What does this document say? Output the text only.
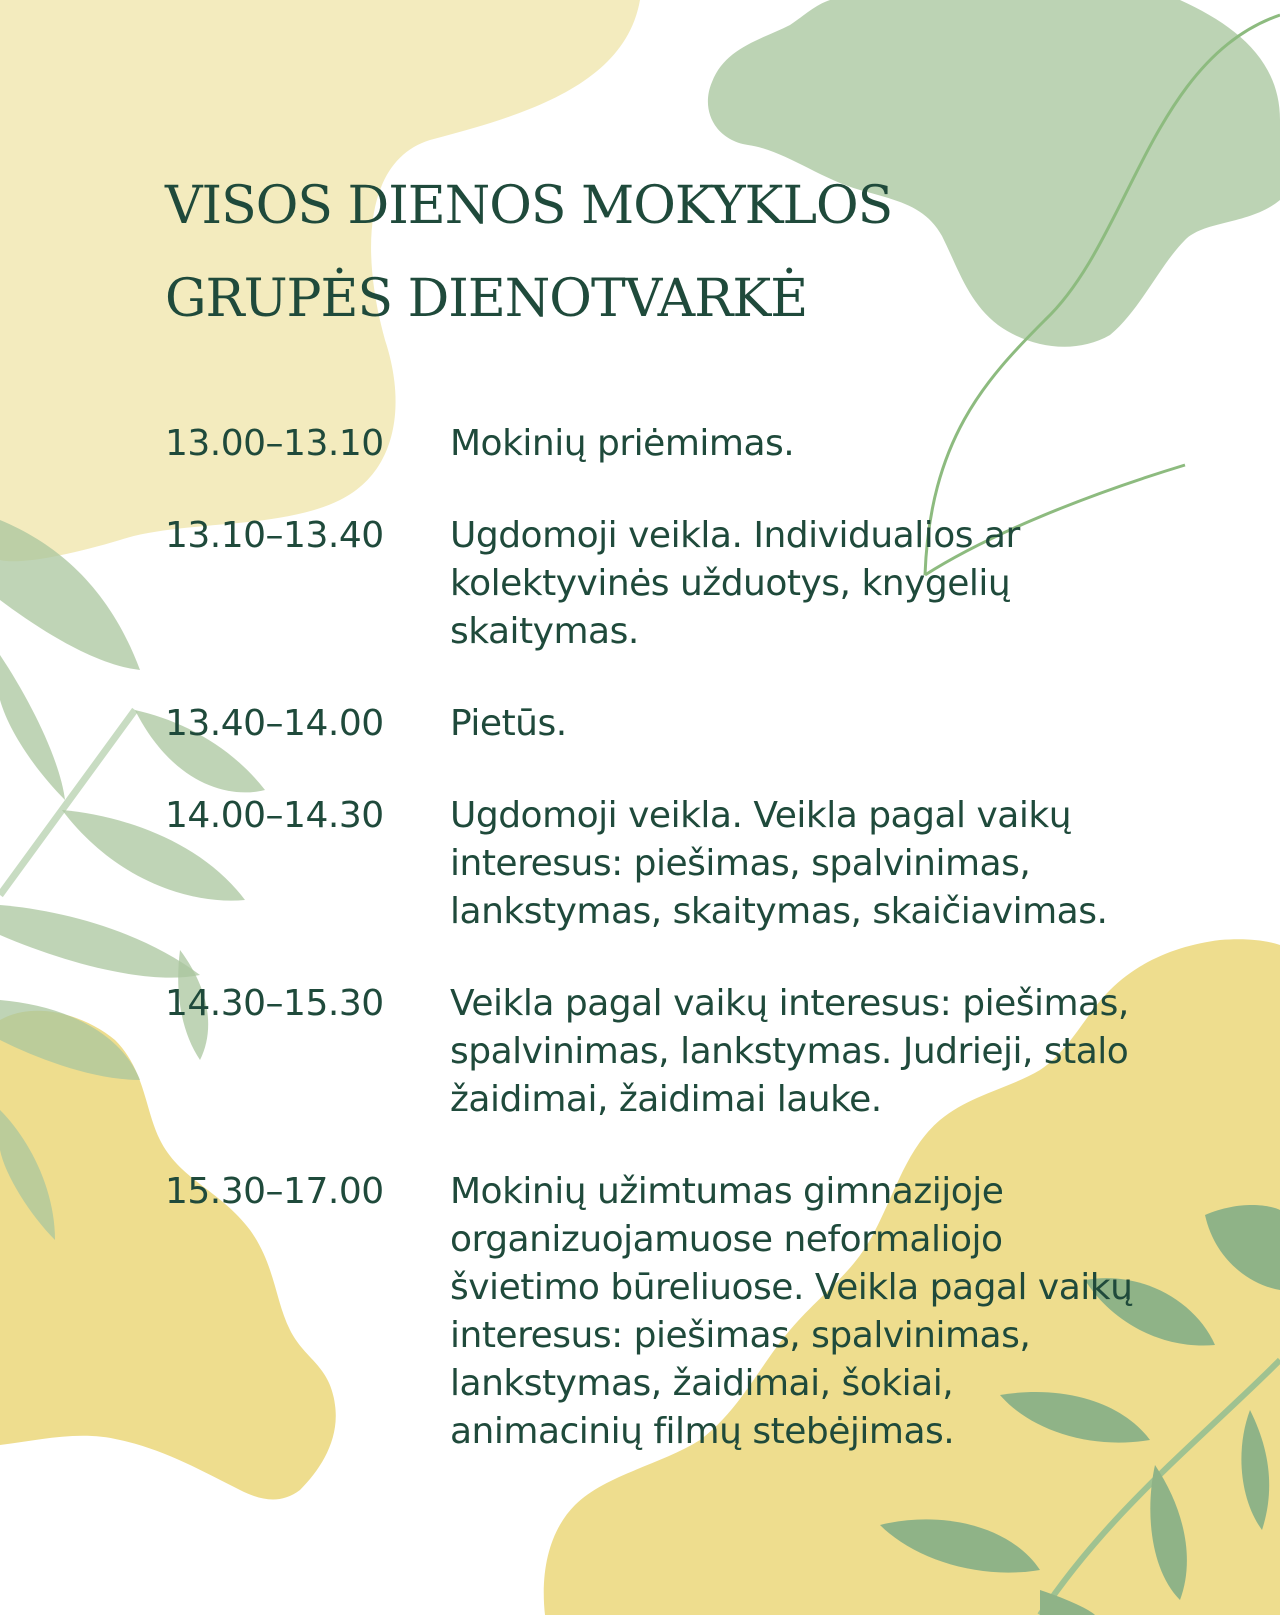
VISOS DIENOS MOKYKLOS
GRUPĖS DIENOTVARKĖ
13.00–13.10	Mokinių priėmimas.
13.10–13.40	Ugdomoji veikla. Individualios ar
kolektyvinės užduotys, knygelių
skaitymas.
13.40–14.00	Pietūs.
14.00–14.30	Ugdomoji veikla. Veikla pagal vaikų
interesus: piešimas, spalvinimas,
lankstymas, skaitymas, skaičiavimas.
14.30–15.30	Veikla pagal vaikų interesus: piešimas,
spalvinimas, lankstymas. Judrieji, stalo
žaidimai, žaidimai lauke.
15.30–17.00	Mokinių užimtumas gimnazijoje
organizuojamuose neformaliojo
švietimo būreliuose. Veikla pagal vaikų
interesus: piešimas, spalvinimas,
lankstymas, žaidimai, šokiai,
animacinių filmų stebėjimas.
